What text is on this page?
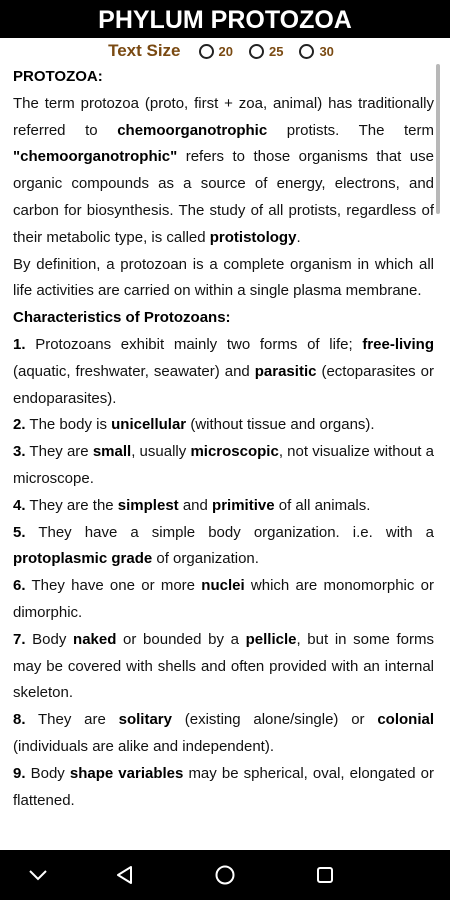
PHYLUM PROTOZOA
Text Size	20	25	30

PROTOZOA:

The term protozoa (proto, first + zoa, animal) has traditionally referred to chemoorganotrophic protists. The term "chemoorganotrophic" refers to those organisms that use organic compounds as a source of energy, electrons, and carbon for biosynthesis. The study of all protists, regardless of their metabolic type, is called protistology.

By definition, a protozoan is a complete organism in which all life activities are carried on within a single plasma membrane.

Characteristics of Protozoans:

1. Protozoans exhibit mainly two forms of life; free-living (aquatic, freshwater, seawater) and parasitic (ectoparasites or endoparasites).

2. The body is unicellular (without tissue and organs).

3. They are small, usually microscopic, not visualize without a microscope.

4. They are the simplest and primitive of all animals.

5. They have a simple body organization. i.e. with a protoplasmic grade of organization.

6. They have one or more nuclei which are monomorphic or dimorphic.

7. Body naked or bounded by a pellicle, but in some forms may be covered with shells and often provided with an internal skeleton.

8. They are solitary (existing alone/single) or colonial (individuals are alike and independent).

9. Body shape variables may be spherical, oval, elongated or flattened.
